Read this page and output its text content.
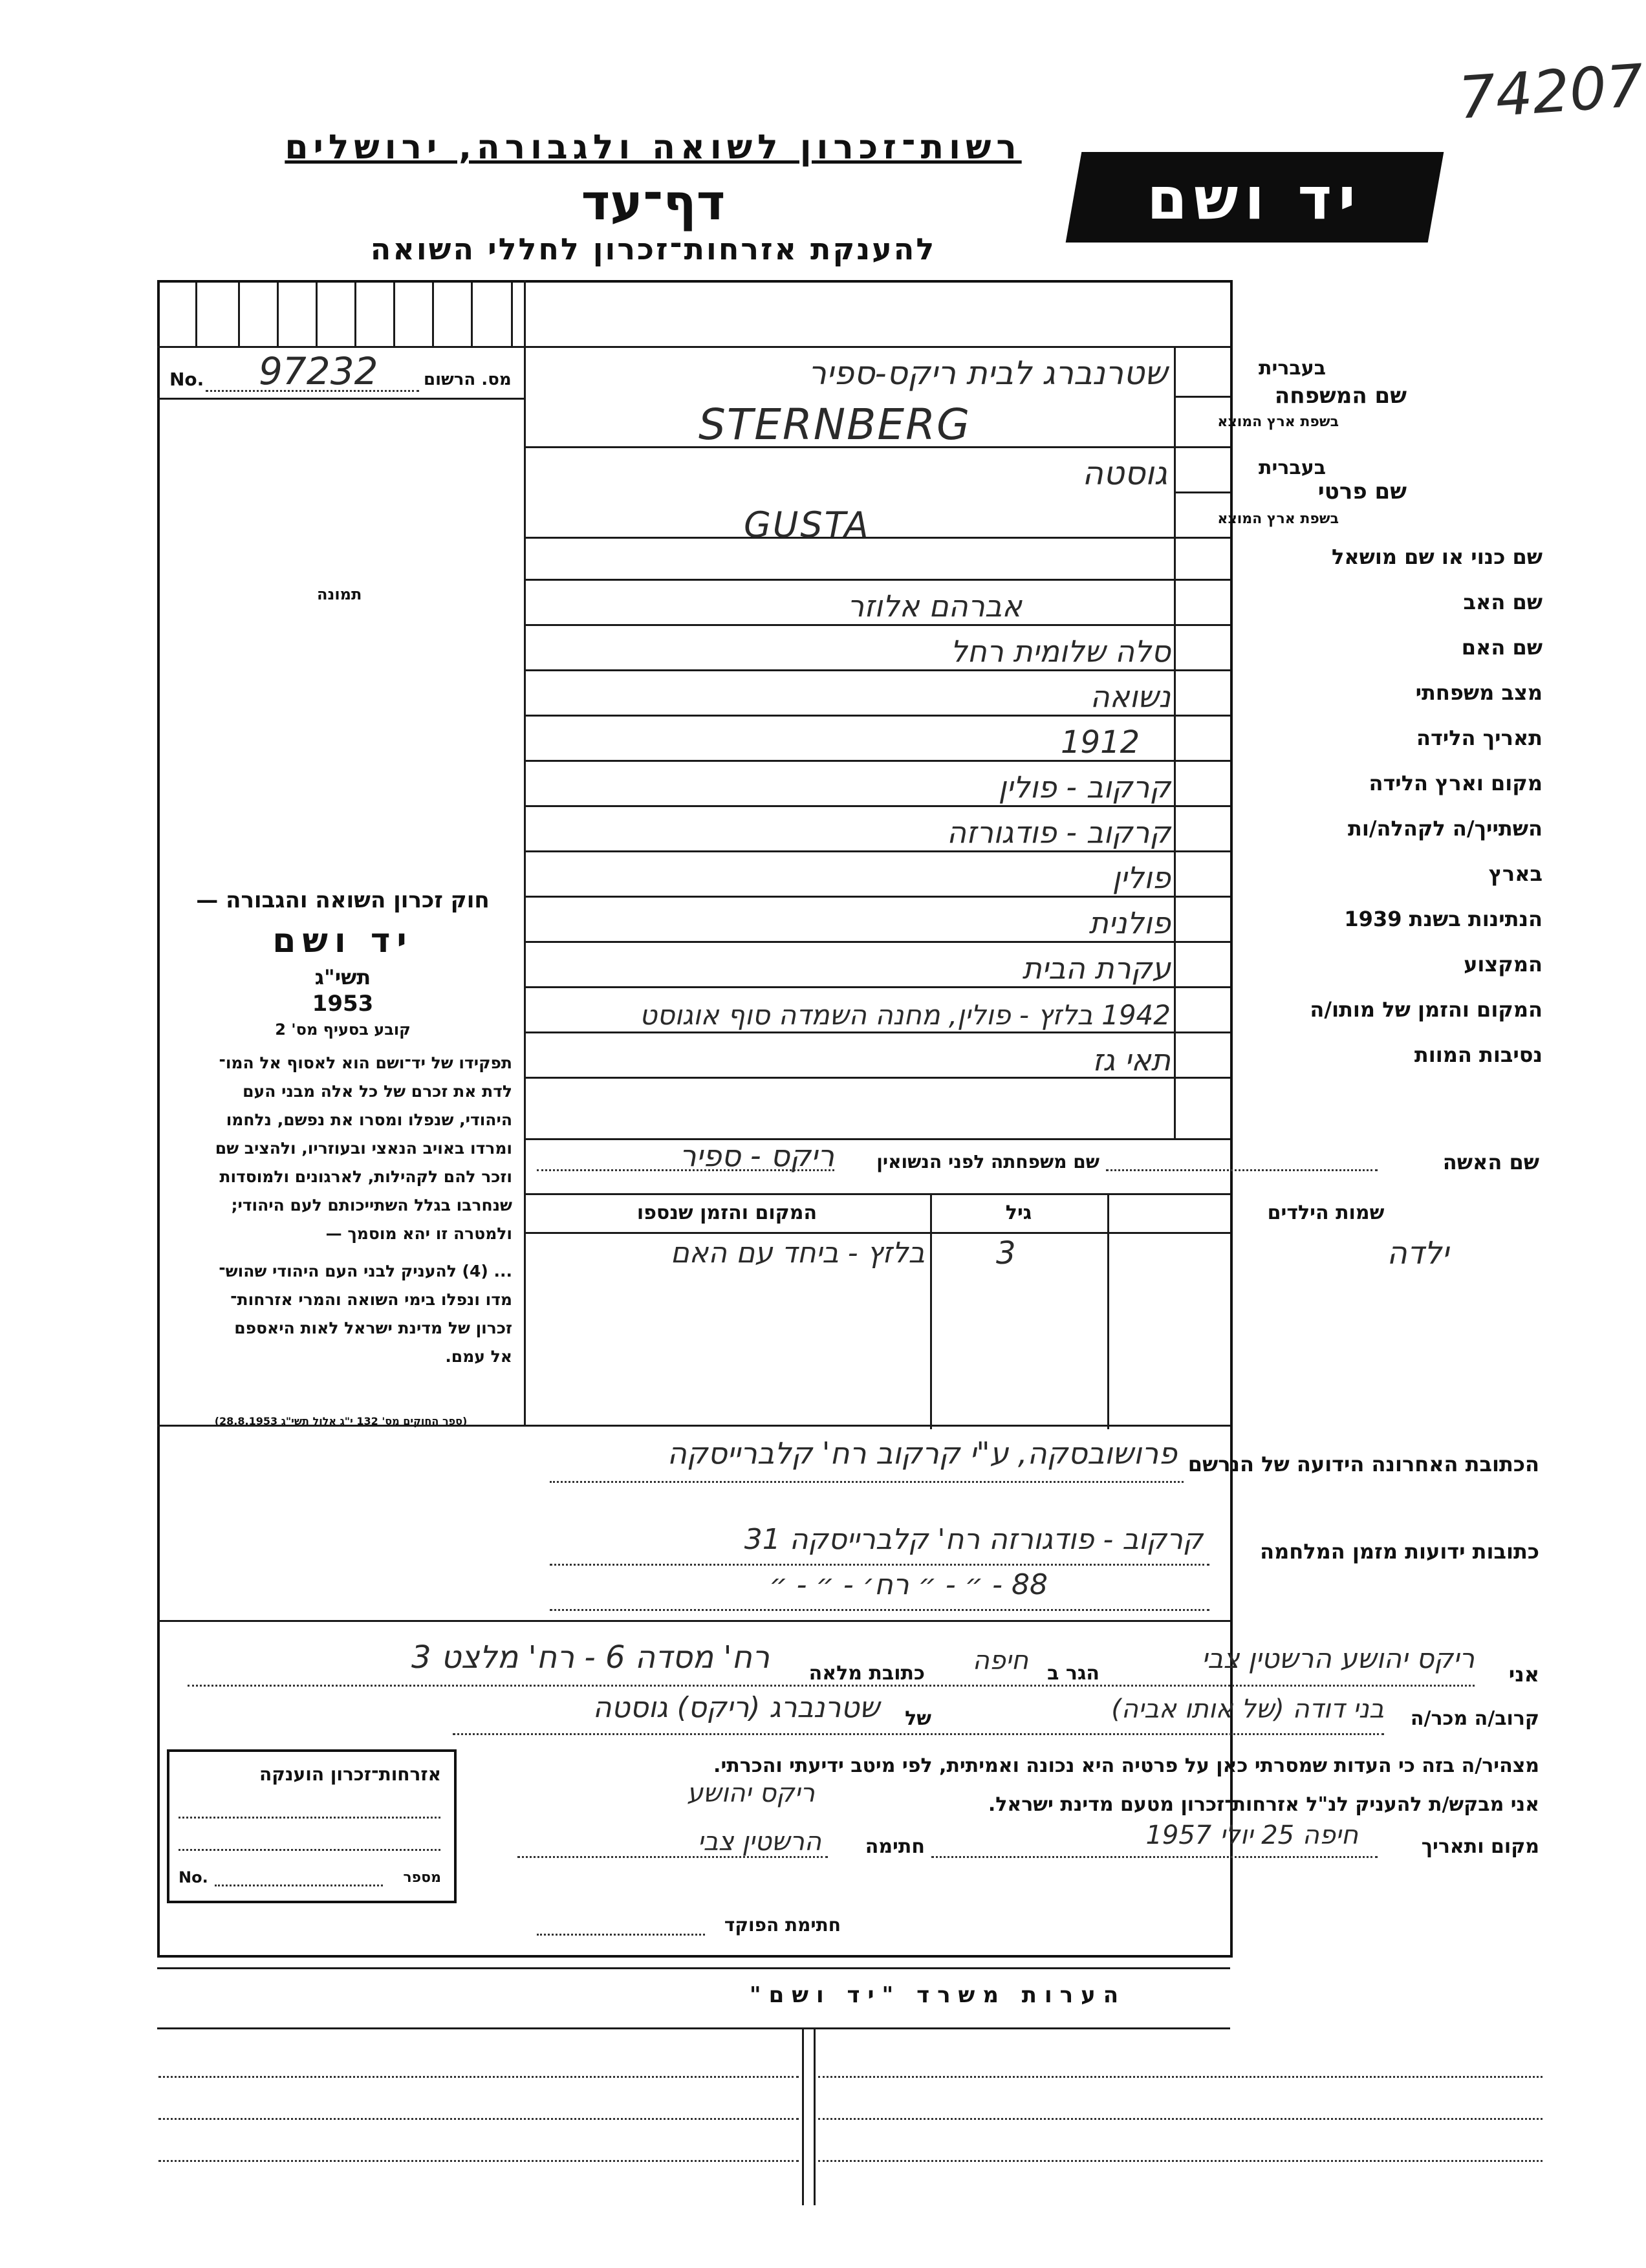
74207
רשות־זכרון לשואה ולגבורה, ירושלים
דף־עד
להענקת אזרחות־זכרון לחללי השואה
יד ושם
No. 97232	מס. הרשום
תמונה
חוק זכרון השואה והגבורה —
יד ושם
תשי"ג
1953
קובע בסעיף מס' 2
תפקידו של יד־ושם הוא לאסוף אל המו־
לדת את זכרם של כל אלה מבני העם
היהודי, שנפלו ומסרו את נפשם, נלחמו
ומרדו באויב הנאצי ובעוזריו, ולהציב שם
וזכר להם לקהילות, לארגונים ולמוסדות
שנחרבו בגלל השתייכותם לעם היהודי;
ולמטרה זו יהא מוסמך —
... (4) להעניק לבני העם היהודי שהוש־
מדו ונפלו בימי השואה והמרי אזרחות־
זכרון של מדינת ישראל לאות היאספם
אל עמם.
(ספר החוקים מס' 132 י"ג אלול תשי"ג 28.8.1953)
בעברית
שם המשפחה
בשפת ארץ המוצא
בעברית
שם פרטי
בשפת ארץ המוצא
שם כנוי או שם מושאל
שם האב
שם האם
מצב משפחתי
תאריך הלידה
מקום וארץ הלידה
השתייך/ה לקהלה/ות
בארץ
הנתינות בשנת 1939
המקצוע
המקום והזמן של מותו/ה
נסיבות המוות
שטרנברג לבית ריקס-ספיר
STERNBERG
גוסטה
GUSTA
אברהם אלוזר
סלה שלומית רחל
נשואה
1912
קרקוב - פולין
קרקוב - פודגורזה
פולין
פולנית
עקרת הבית
1942 בלזץ - פולין, מחנה השמדה סוף אוגוסט
תאי גז
שם האשה
שם משפחתה לפני הנשואין
ריקס - ספיר
שמות הילדים
גיל
המקום והזמן שנספו
ילדה
3
בלזץ - ביחד עם האם
הכתובת האחרונה הידועה של הנרשם
פרושובסקה, ע"י קרקוב רח' קלברייסקה
כתובות ידועות מזמן המלחמה
קרקוב - פודגורזה רח' קלברייסקה 31
88 - ״ - ״ רח׳ - ״ - ״
אני
ריקס יהושע הרשטין צבי
הגר ב
חיפה
כתובת מלאה
רח' מסדה 6 - רח' מלצט 3
קרוב/ה מכר/ה
בני דודה (של אותו אביה)
של
שטרנברג (ריקס) גוסטה
מצהיר/ה בזה כי העדות שמסרתי כאן על פרטיה היא נכונה ואמיתית, לפי מיטב ידיעתי והכרתי.
אני מבקש/ת להעניק לנ"ל אזרחות־זכרון מטעם מדינת ישראל.
ריקס יהושע
מקום ותאריך
חיפה 25 יולי 1957
חתימה
הרשטין צבי
חתימת הפוקד
אזרחות־זכרון הוענקה
No.	מספר
הערות משרד "יד ושם"
